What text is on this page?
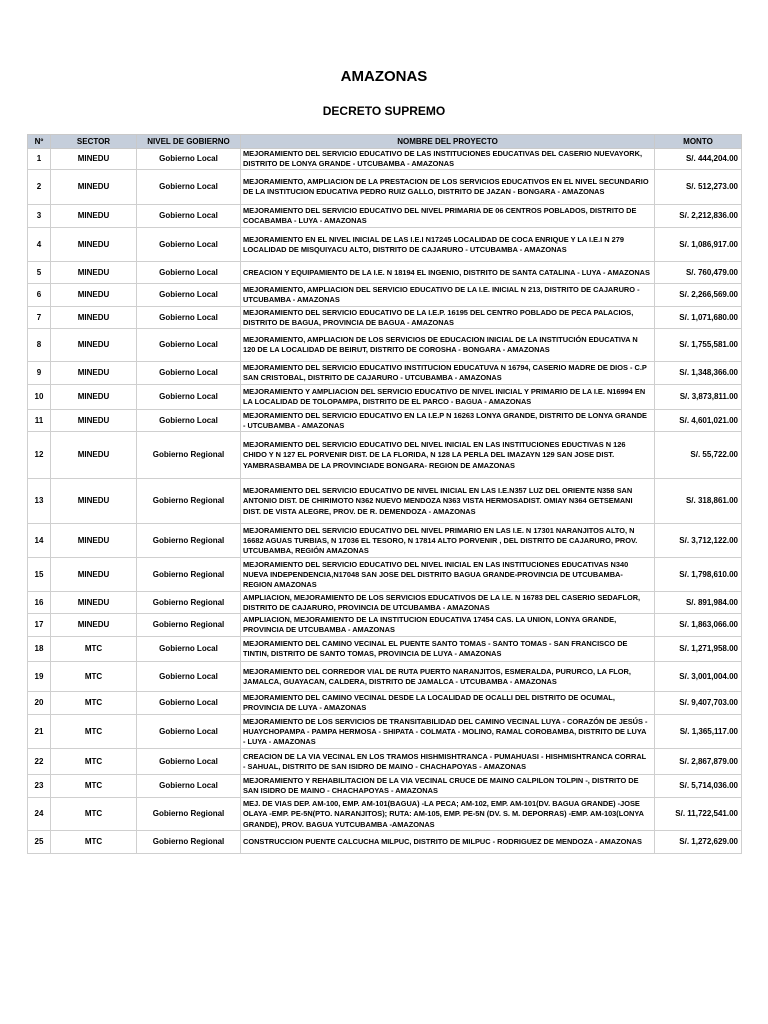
AMAZONAS
DECRETO SUPREMO
Nº	SECTOR	NIVEL DE GOBIERNO	NOMBRE DEL PROYECTO	MONTO
1	MINEDU	Gobierno Local	MEJORAMIENTO DEL SERVICIO EDUCATIVO DE LAS INSTITUCIONES EDUCATIVAS DEL CASERIO NUEVAYORK, DISTRITO DE LONYA GRANDE - UTCUBAMBA - AMAZONAS	S/. 444,204.00
2	MINEDU	Gobierno Local	MEJORAMIENTO, AMPLIACION DE LA PRESTACION DE LOS SERVICIOS EDUCATIVOS EN EL NIVEL SECUNDARIO DE LA INSTITUCION EDUCATIVA PEDRO RUIZ GALLO, DISTRITO DE JAZAN - BONGARA - AMAZONAS	S/. 512,273.00
3	MINEDU	Gobierno Local	MEJORAMIENTO DEL SERVICIO EDUCATIVO DEL NIVEL PRIMARIA DE 06 CENTROS POBLADOS, DISTRITO DE COCABAMBA - LUYA - AMAZONAS	S/. 2,212,836.00
4	MINEDU	Gobierno Local	MEJORAMIENTO EN EL NIVEL INICIAL DE LAS I.E.I N17245 LOCALIDAD DE COCA ENRIQUE Y LA I.E.I N 279 LOCALIDAD DE MISQUIYACU ALTO, DISTRITO DE CAJARURO - UTCUBAMBA - AMAZONAS	S/. 1,086,917.00
5	MINEDU	Gobierno Local	CREACION Y EQUIPAMIENTO DE LA I.E. N 18194 EL INGENIO, DISTRITO DE SANTA CATALINA - LUYA - AMAZONAS	S/. 760,479.00
6	MINEDU	Gobierno Local	MEJORAMIENTO, AMPLIACION DEL SERVICIO EDUCATIVO DE LA I.E. INICIAL N 213, DISTRITO DE CAJARURO - UTCUBAMBA - AMAZONAS	S/. 2,266,569.00
7	MINEDU	Gobierno Local	MEJORAMIENTO DEL SERVICIO EDUCATIVO DE LA I.E.P. 16195 DEL CENTRO POBLADO DE PECA PALACIOS, DISTRITO DE BAGUA, PROVINCIA DE BAGUA - AMAZONAS	S/. 1,071,680.00
8	MINEDU	Gobierno Local	MEJORAMIENTO, AMPLIACION DE LOS SERVICIOS DE EDUCACION INICIAL DE LA INSTITUCIÓN EDUCATIVA N 120 DE LA LOCALIDAD DE BEIRUT, DISTRITO DE COROSHA - BONGARA - AMAZONAS	S/. 1,755,581.00
9	MINEDU	Gobierno Local	MEJORAMIENTO DEL SERVICIO EDUCATIVO INSTITUCION EDUCATUVA N 16794, CASERIO MADRE DE DIOS - C.P SAN CRISTOBAL, DISTRITO DE CAJARURO - UTCUBAMBA - AMAZONAS	S/. 1,348,366.00
10	MINEDU	Gobierno Local	MEJORAMIENTO Y AMPLIACION DEL SERVICIO EDUCATIVO DE NIVEL INICIAL Y PRIMARIO DE LA I.E. N16994 EN LA LOCALIDAD DE TOLOPAMPA, DISTRITO DE EL PARCO - BAGUA - AMAZONAS	S/. 3,873,811.00
11	MINEDU	Gobierno Local	MEJORAMIENTO DEL SERVICIO EDUCATIVO EN LA I.E.P N 16263 LONYA GRANDE, DISTRITO DE LONYA GRANDE - UTCUBAMBA - AMAZONAS	S/. 4,601,021.00
12	MINEDU	Gobierno Regional	MEJORAMIENTO DEL SERVICIO EDUCATIVO DEL NIVEL INICIAL EN LAS INSTITUCIONES EDUCTIVAS N 126 CHIDO Y N 127 EL PORVENIR DIST. DE LA FLORIDA, N 128 LA PERLA DEL IMAZAYN 129 SAN JOSE DIST. YAMBRASBAMBA DE LA PROVINCIADE BONGARA- REGION DE AMAZONAS	S/. 55,722.00
13	MINEDU	Gobierno Regional	MEJORAMIENTO DEL SERVICIO EDUCATIVO DE NIVEL INICIAL EN LAS I.E.N357 LUZ DEL ORIENTE N358 SAN ANTONIO DIST. DE CHIRIMOTO N362 NUEVO MENDOZA N363 VISTA HERMOSADIST. OMIAY N364 GETSEMANI DIST. DE VISTA ALEGRE, PROV. DE R. DEMENDOZA - AMAZONAS	S/. 318,861.00
14	MINEDU	Gobierno Regional	MEJORAMIENTO DEL SERVICIO EDUCATIVO DEL NIVEL PRIMARIO EN LAS I.E. N 17301 NARANJITOS ALTO, N 16682 AGUAS TURBIAS, N 17036 EL TESORO, N 17814 ALTO PORVENIR , DEL DISTRITO DE CAJARURO, PROV. UTCUBAMBA, REGIÓN AMAZONAS	S/. 3,712,122.00
15	MINEDU	Gobierno Regional	MEJORAMIENTO DEL SERVICIO EDUCATIVO DEL NIVEL INICIAL EN LAS INSTITUCIONES EDUCATIVAS N340 NUEVA INDEPENDENCIA,N17048 SAN JOSE DEL DISTRITO BAGUA GRANDE-PROVINCIA DE UTCUBAMBA-REGION AMAZONAS	S/. 1,798,610.00
16	MINEDU	Gobierno Regional	AMPLIACION, MEJORAMIENTO DE LOS SERVICIOS EDUCATIVOS DE LA I.E. N 16783 DEL CASERIO SEDAFLOR, DISTRITO DE CAJARURO, PROVINCIA DE UTCUBAMBA - AMAZONAS	S/. 891,984.00
17	MINEDU	Gobierno Regional	AMPLIACION, MEJORAMIENTO DE LA INSTITUCION EDUCATIVA 17454 CAS. LA UNION, LONYA GRANDE, PROVINCIA DE UTCUBAMBA - AMAZONAS	S/. 1,863,066.00
18	MTC	Gobierno Local	MEJORAMIENTO DEL CAMINO VECINAL EL PUENTE SANTO TOMAS - SANTO TOMAS - SAN FRANCISCO DE TINTIN, DISTRITO DE SANTO TOMAS, PROVINCIA DE LUYA - AMAZONAS	S/. 1,271,958.00
19	MTC	Gobierno Local	MEJORAMIENTO DEL CORREDOR VIAL DE RUTA PUERTO NARANJITOS, ESMERALDA, PURURCO, LA FLOR, JAMALCA, GUAYACAN, CALDERA, DISTRITO DE JAMALCA - UTCUBAMBA - AMAZONAS	S/. 3,001,004.00
20	MTC	Gobierno Local	MEJORAMIENTO DEL CAMINO VECINAL DESDE LA LOCALIDAD DE OCALLI DEL DISTRITO DE OCUMAL, PROVINCIA DE LUYA - AMAZONAS	S/. 9,407,703.00
21	MTC	Gobierno Local	MEJORAMIENTO DE LOS SERVICIOS DE TRANSITABILIDAD DEL CAMINO VECINAL LUYA - CORAZÓN DE JESÚS - HUAYCHOPAMPA - PAMPA HERMOSA - SHIPATA - COLMATA - MOLINO, RAMAL COROBAMBA, DISTRITO DE LUYA - LUYA - AMAZONAS	S/. 1,365,117.00
22	MTC	Gobierno Local	CREACION DE LA VIA VECINAL EN LOS TRAMOS HISHMISHTRANCA - PUMAHUASI - HISHMISHTRANCA CORRAL - SAHUAL, DISTRITO DE SAN ISIDRO DE MAINO - CHACHAPOYAS - AMAZONAS	S/. 2,867,879.00
23	MTC	Gobierno Local	MEJORAMIENTO Y REHABILITACION DE LA VIA VECINAL CRUCE DE MAINO CALPILON TOLPIN -, DISTRITO DE SAN ISIDRO DE MAINO - CHACHAPOYAS - AMAZONAS	S/. 5,714,036.00
24	MTC	Gobierno Regional	MEJ. DE VIAS DEP. AM-100, EMP. AM-101(BAGUA) -LA PECA; AM-102, EMP. AM-101(DV. BAGUA GRANDE) -JOSE OLAYA -EMP. PE-5N(PTO. NARANJITOS); RUTA: AM-105, EMP. PE-5N (DV. S. M. DEPORRAS) -EMP. AM-103(LONYA GRANDE), PROV. BAGUA YUTCUBAMBA -AMAZONAS	S/. 11,722,541.00
25	MTC	Gobierno Regional	CONSTRUCCION PUENTE CALCUCHA MILPUC, DISTRITO DE MILPUC - RODRIGUEZ DE MENDOZA - AMAZONAS	S/. 1,272,629.00
